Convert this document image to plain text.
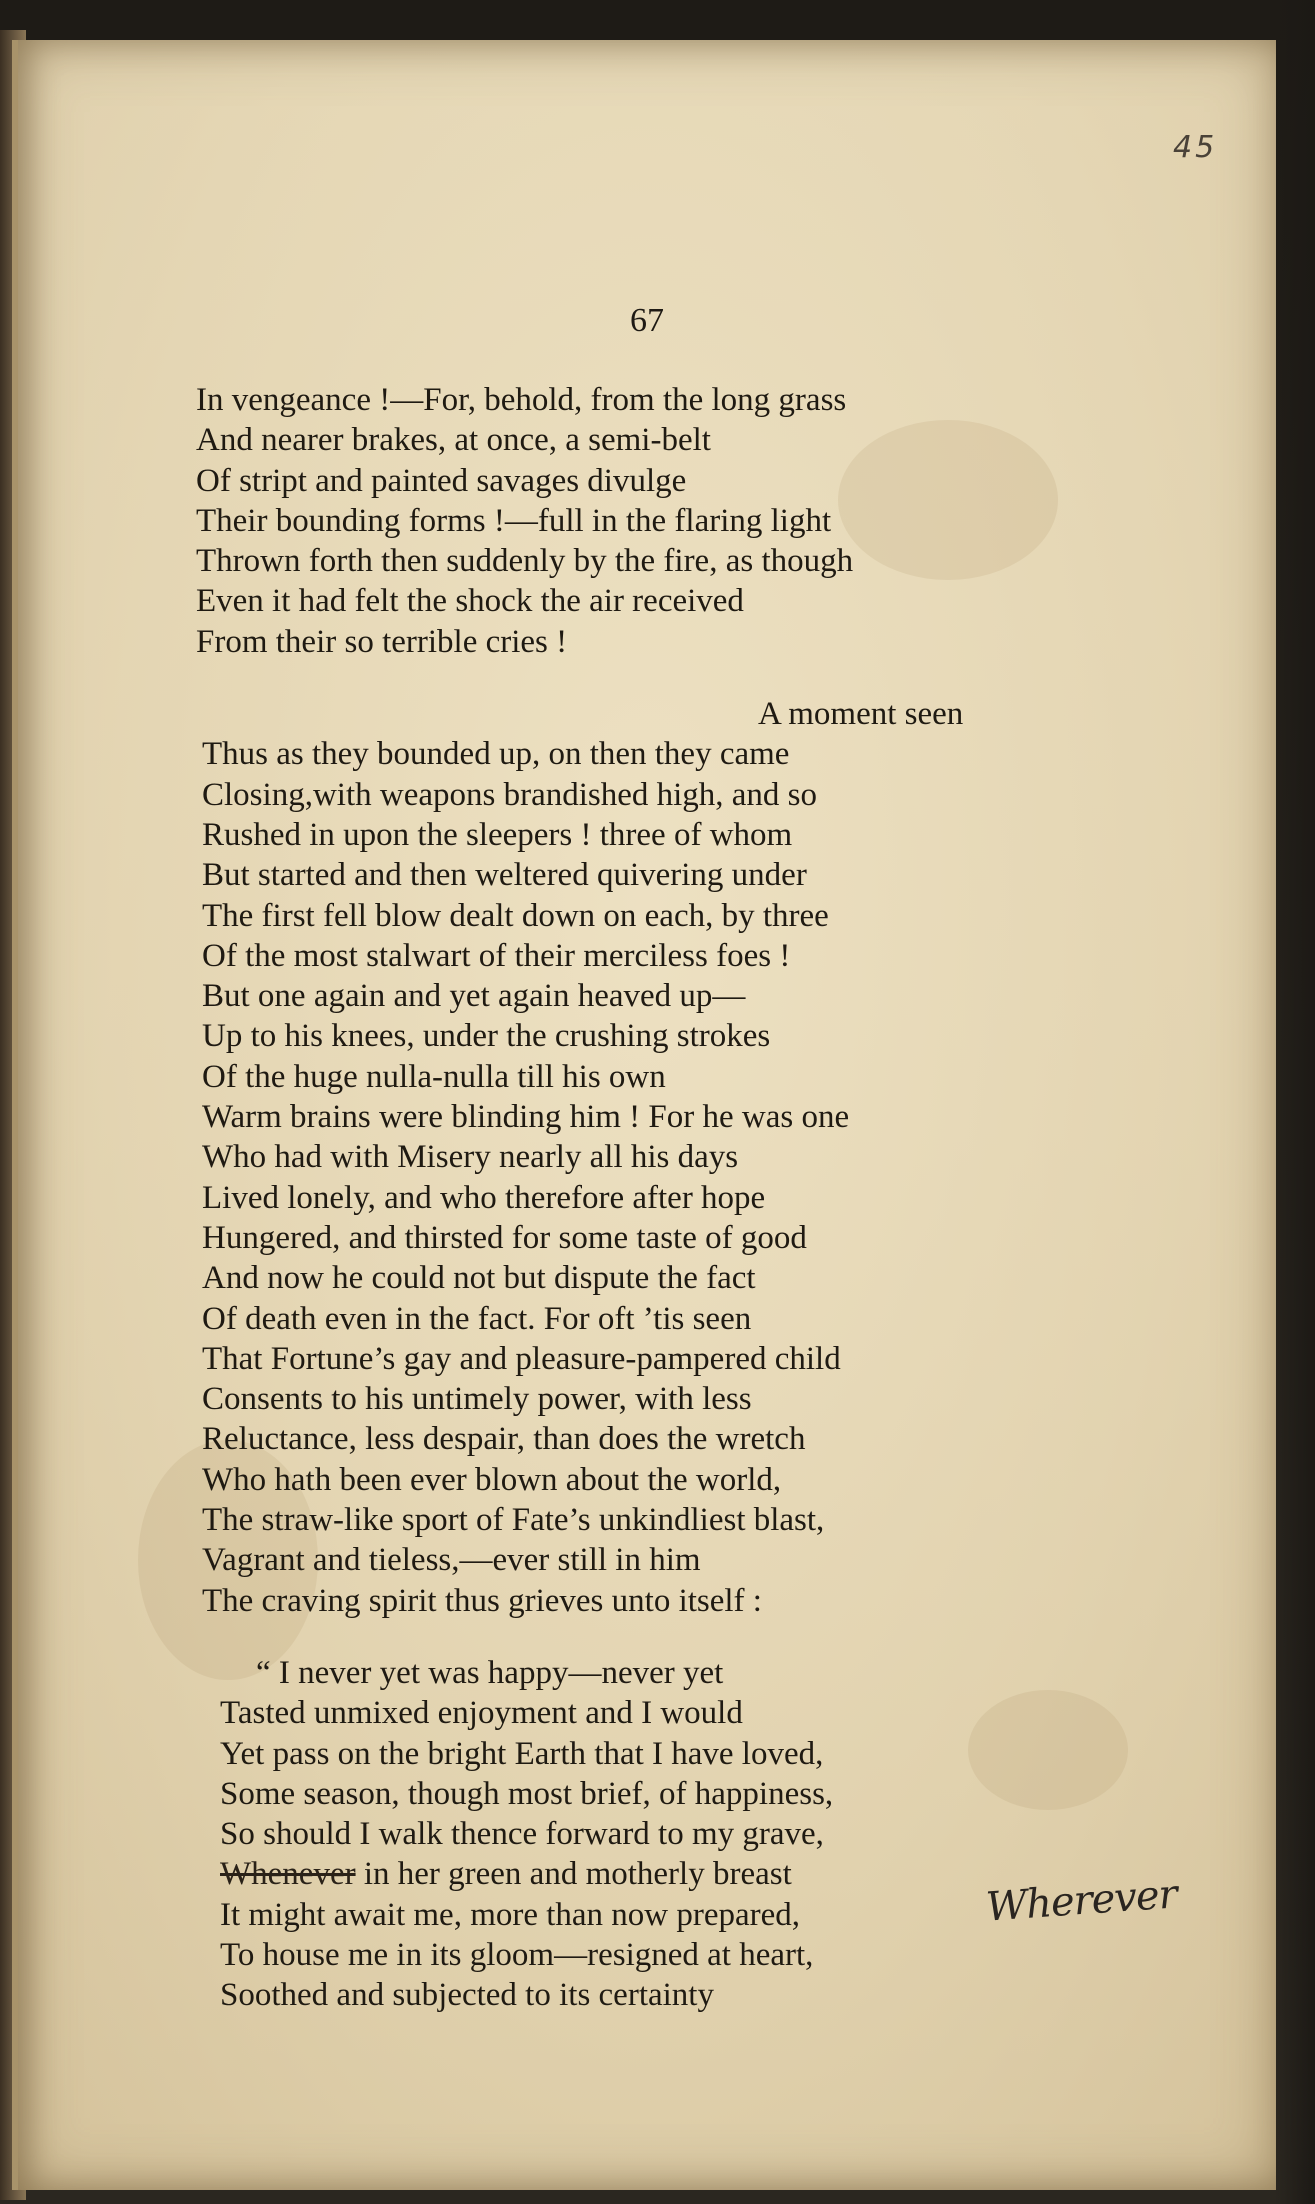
45
67
In vengeance !—For, behold, from the long grass
And nearer brakes, at once, a semi-belt
Of stript and painted savages divulge
Their bounding forms !—full in the flaring light
Thrown forth then suddenly by the fire, as though
Even it had felt the shock the air received
From their so terrible cries !
A moment seen
Thus as they bounded up, on then they came
Closing,with weapons brandished high, and so
Rushed in upon the sleepers ! three of whom
But started and then weltered quivering under
The first fell blow dealt down on each, by three
Of the most stalwart of their merciless foes !
But one again and yet again heaved up—
Up to his knees, under the crushing strokes
Of the huge nulla-nulla till his own
Warm brains were blinding him ! For he was one
Who had with Misery nearly all his days
Lived lonely, and who therefore after hope
Hungered, and thirsted for some taste of good
And now he could not but dispute the fact
Of death even in the fact. For oft ’tis seen
That Fortune’s gay and pleasure-pampered child
Consents to his untimely power, with less
Reluctance, less despair, than does the wretch
Who hath been ever blown about the world,
The straw-like sport of Fate’s unkindliest blast,
Vagrant and tieless,—ever still in him
The craving spirit thus grieves unto itself :
“ I never yet was happy—never yet
Tasted unmixed enjoyment and I would
Yet pass on the bright Earth that I have loved,
Some season, though most brief, of happiness,
So should I walk thence forward to my grave,
Whenever in her green and motherly breast
It might await me, more than now prepared,
To house me in its gloom—resigned at heart,
Soothed and subjected to its certainty
Wherever
